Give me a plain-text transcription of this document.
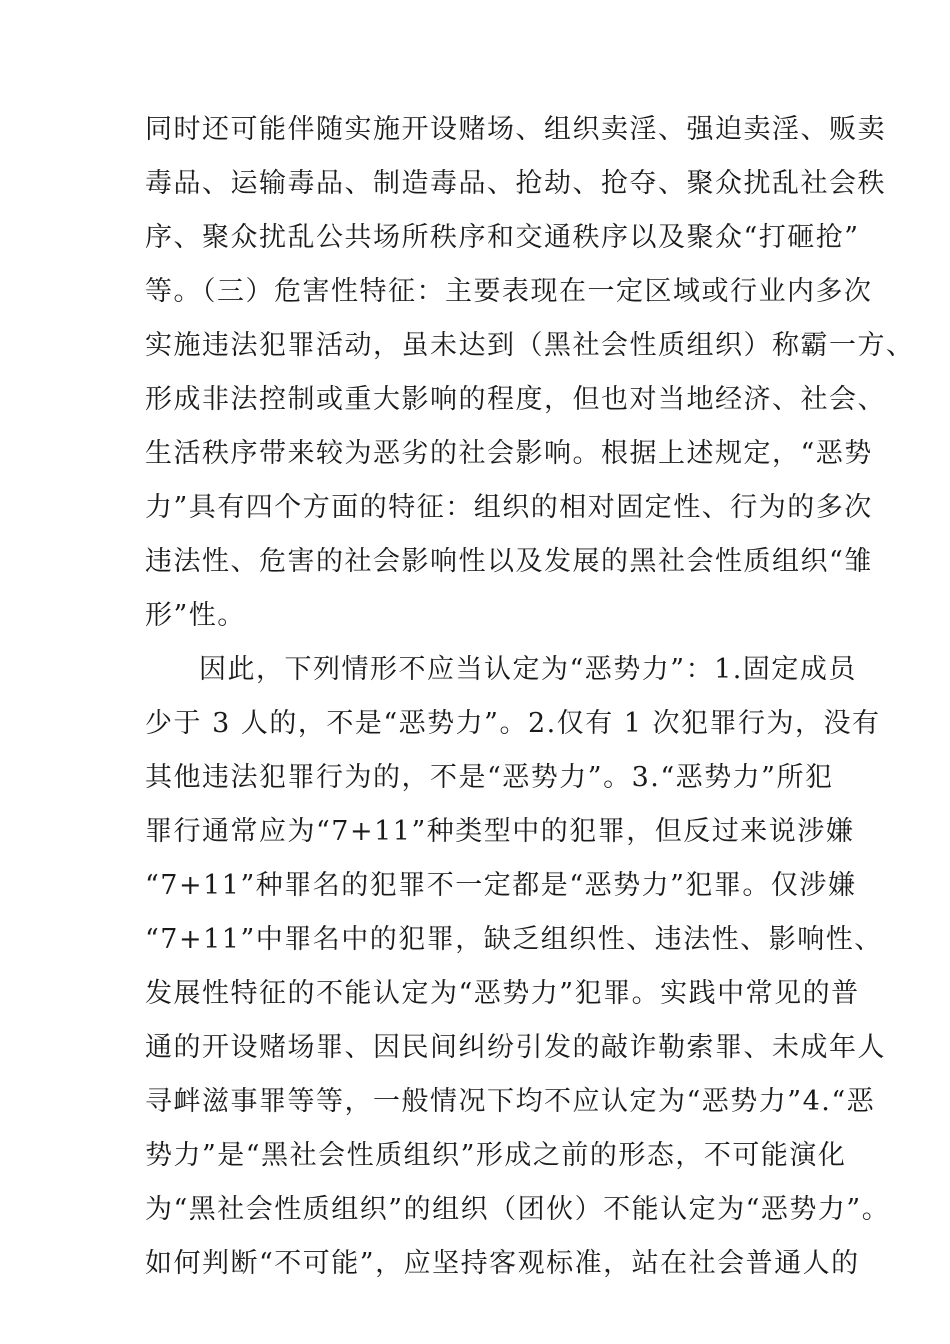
同时还可能伴随实施开设赌场、组织卖淫、强迫卖淫、贩卖
毒品、运输毒品、制造毒品、抢劫、抢夺、聚众扰乱社会秩
序、聚众扰乱公共场所秩序和交通秩序以及聚众“打砸抢”
等。（三）危害性特征：主要表现在一定区域或行业内多次
实施违法犯罪活动，虽未达到（黑社会性质组织）称霸一方、
形成非法控制或重大影响的程度，但也对当地经济、社会、
生活秩序带来较为恶劣的社会影响。根据上述规定，“恶势
力”具有四个方面的特征：组织的相对固定性、行为的多次
违法性、危害的社会影响性以及发展的黑社会性质组织“雏
形”性。
因此，下列情形不应当认定为“恶势力”：1.固定成员
少于 3 人的，不是“恶势力”。2.仅有 1 次犯罪行为，没有
其他违法犯罪行为的，不是“恶势力”。3.“恶势力”所犯
罪行通常应为“7+11”种类型中的犯罪，但反过来说涉嫌
“7+11”种罪名的犯罪不一定都是“恶势力”犯罪。仅涉嫌
“7+11”中罪名中的犯罪，缺乏组织性、违法性、影响性、
发展性特征的不能认定为“恶势力”犯罪。实践中常见的普
通的开设赌场罪、因民间纠纷引发的敲诈勒索罪、未成年人
寻衅滋事罪等等，一般情况下均不应认定为“恶势力”4.“恶
势力”是“黑社会性质组织”形成之前的形态，不可能演化
为“黑社会性质组织”的组织（团伙）不能认定为“恶势力”。
如何判断“不可能”，应坚持客观标准，站在社会普通人的
